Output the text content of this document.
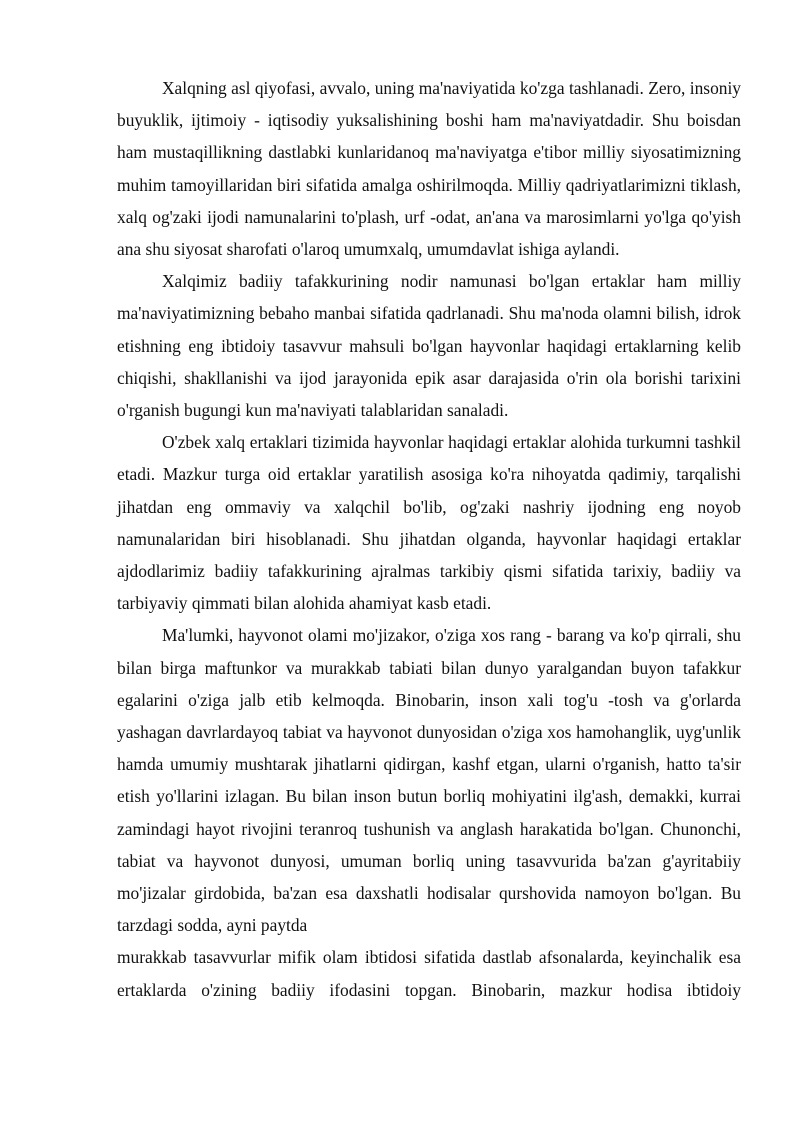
Xalqning asl qiyofasi, avvalo, uning ma'naviyatida ko'zga tashlanadi. Zero, insoniy buyuklik, ijtimoiy - iqtisodiy yuksalishining boshi ham ma'naviyatdadir. Shu boisdan ham mustaqillikning dastlabki kunlaridanoq ma'naviyatga e'tibor milliy siyosatimizning muhim tamoyillaridan biri sifatida amalga oshirilmoqda. Milliy qadriyatlarimizni tiklash, xalq og'zaki ijodi namunalarini to'plash, urf -odat, an'ana va marosimlarni yo'lga qo'yish ana shu siyosat sharofati o'laroq umumxalq, umumdavlat ishiga aylandi.

Xalqimiz badiiy tafakkurining nodir namunasi bo'lgan ertaklar ham milliy ma'naviyatimizning bebaho manbai sifatida qadrlanadi. Shu ma'noda olamni bilish, idrok etishning eng ibtidoiy tasavvur mahsuli bo'lgan hayvonlar haqidagi ertaklarning kelib chiqishi, shakllanishi va ijod jarayonida epik asar darajasida o'rin ola borishi tarixini o'rganish bugungi kun ma'naviyati talablaridan sanaladi.

O'zbek xalq ertaklari tizimida hayvonlar haqidagi ertaklar alohida turkumni tashkil etadi. Mazkur turga oid ertaklar yaratilish asosiga ko'ra nihoyatda qadimiy, tarqalishi jihatdan eng ommaviy va xalqchil bo'lib, og'zaki nashriy ijodning eng noyob namunalaridan biri hisoblanadi. Shu jihatdan olganda, hayvonlar haqidagi ertaklar ajdodlarimiz badiiy tafakkurining ajralmas tarkibiy qismi sifatida tarixiy, badiiy va tarbiyaviy qimmati bilan alohida ahamiyat kasb etadi.

Ma'lumki, hayvonot olami mo'jizakor, o'ziga xos rang - barang va ko'p qirrali, shu bilan birga maftunkor va murakkab tabiati bilan dunyo yaralgandan buyon tafakkur egalarini o'ziga jalb etib kelmoqda. Binobarin, inson xali tog'u -tosh va g'orlarda yashagan davrlardayoq tabiat va hayvonot dunyosidan o'ziga xos hamohanglik, uyg'unlik hamda umumiy mushtarak jihatlarni qidirgan, kashf etgan, ularni o'rganish, hatto ta'sir etish yo'llarini izlagan. Bu bilan inson butun borliq mohiyatini ilg'ash, demakki, kurrai zamindagi hayot rivojini teranroq tushunish va anglash harakatida bo'lgan. Chunonchi, tabiat va hayvonot dunyosi, umuman borliq uning tasavvurida ba'zan g'ayritabiiy mo'jizalar girdobida, ba'zan esa daxshatli hodisalar qurshovida namoyon bo'lgan. Bu tarzdagi sodda, ayni paytda

murakkab tasavvurlar mifik olam ibtidosi sifatida dastlab afsonalarda, keyinchalik esa ertaklarda o'zining badiiy ifodasini topgan. Binobarin, mazkur hodisa ibtidoiy
